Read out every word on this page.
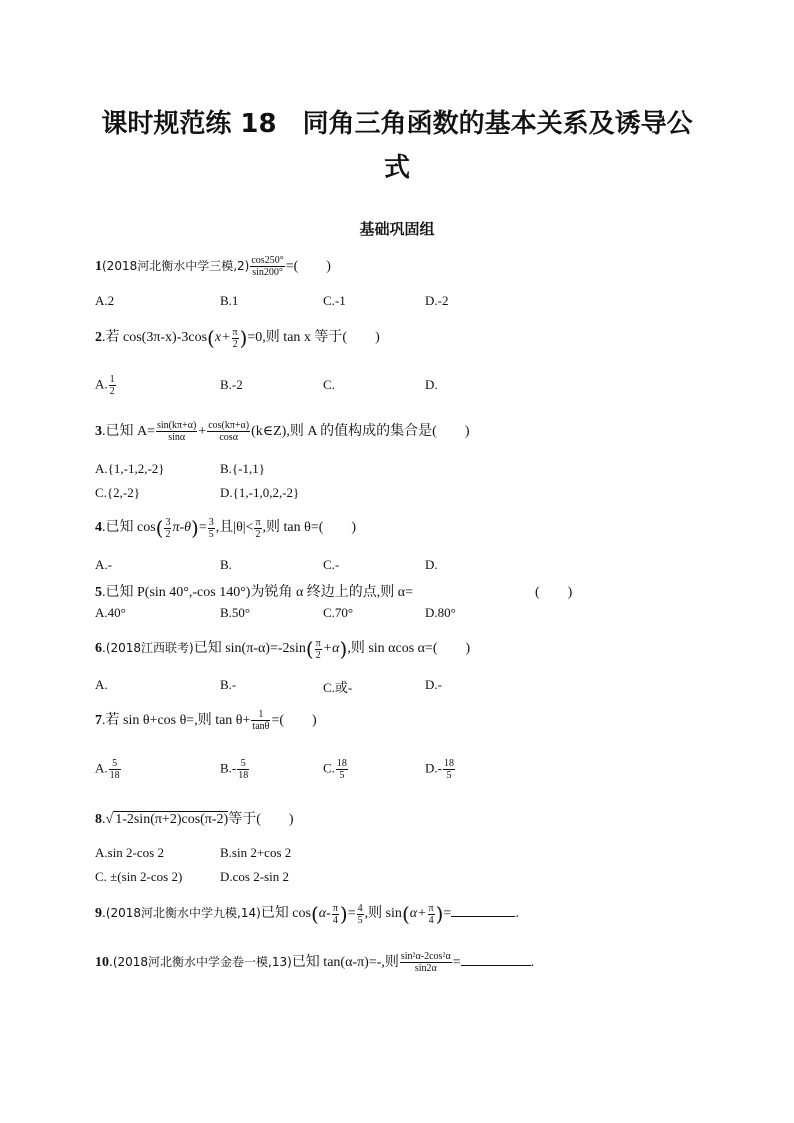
课时规范练 18　同角三角函数的基本关系及诱导公
式
基础巩固组
1(2018河北衡水中学三模$,2) \frac{\cos 250^\circ}{\sin 200^\circ}$ =(　　)
A.2	B.1	C.-1	D.-2
2.若 $\cos(3\pi-x)-3\cos(x+ \frac{\pi}{2} )=0$,则 tan x 等于(　　)
A. $\frac{1}{2}$	B.-2	C.	D.
3.已知 $A= \frac{\sin(k\pi+\alpha)}{\sin\alpha} + \frac{\cos(k\pi+\alpha)}{\cos\alpha}$ (k∈Z),则 A 的值构成的集合是(　　)
A.{1,-1,2,-2}	B.{-1,1}
C.{2,-2}	D.{1,-1,0,2,-2}
4.已知 $\cos( \frac{3}{2} \pi-\theta)= \frac{3}{5}$ ,且$|\theta|< \frac{\pi}{2}$ ,则 tan θ=(　　)
A.-	B.	C.-	D.
5.已知 P(sin 40°,-cos 140°)为锐角 α 终边上的点,则 α=	(　　)
A.40°	B.50°	C.70°	D.80°
6.(2018江西联考)已知 $\sin(\pi-\alpha)=-2\sin( \frac{\pi}{2} +\alpha)$,则 sin αcos α=(　　)
A.	B.-	C.或-	D.-
7.若 sin θ+cos θ=,则 $\tan \theta+ \frac{1}{\tan\theta}$ =(　　)
A. $\frac{5}{18}$	$B.- \frac{5}{18}$	C. $\frac{18}{5}$	$D.- \frac{18}{5}$
8.√ 1-2sin(π+2)cos(π-2)等于(　　)
A.sin 2-cos 2	B.sin 2+cos 2
C. ±(sin 2-cos 2)	D.cos 2-sin 2
9.(2018河北衡水中学九模,14)已知 $\cos(\alpha- \frac{\pi}{4}$ )= $\frac{4}{5}$ ,则 $\sin(\alpha+ \frac{\pi}{4}$ )=	.
10.(2018河北衡水中学金卷一模,13)已知 tan(α-π)=-,则 $\frac{\text{sin²α-2cos²α}}{\sin 2\alpha}$ =	.
